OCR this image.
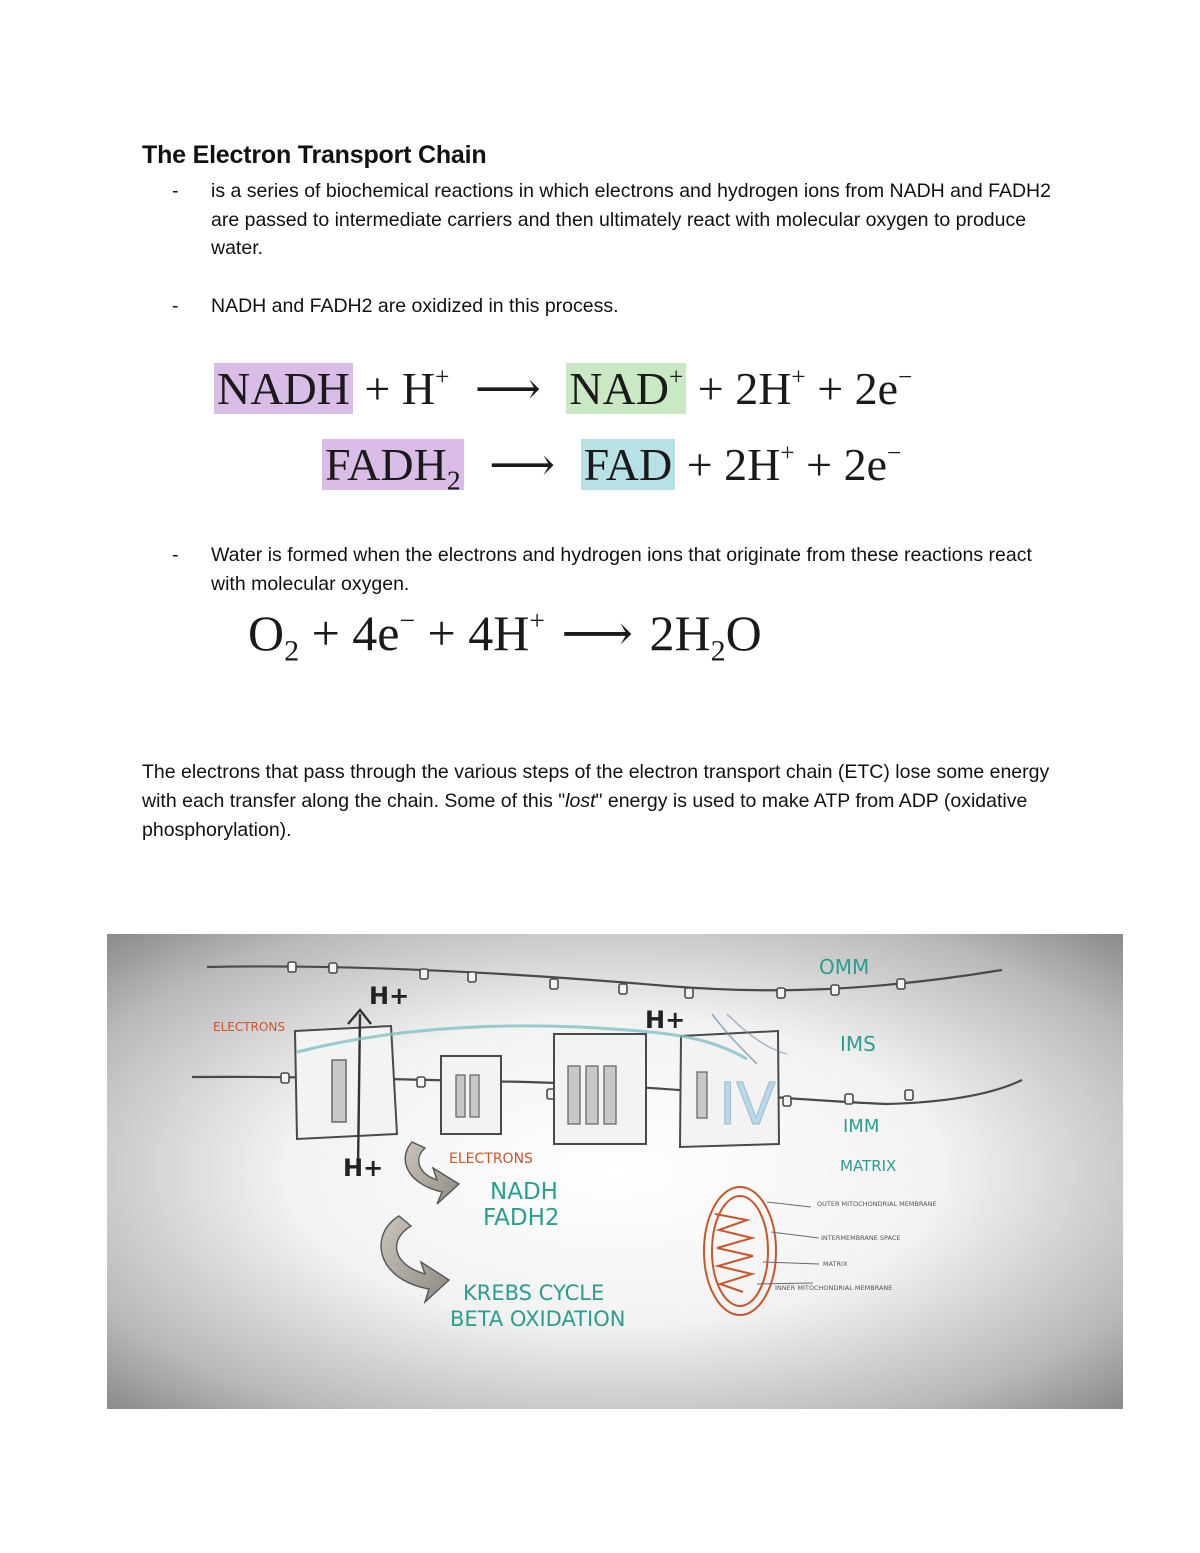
The Electron Transport Chain
- is a series of biochemical reactions in which electrons and hydrogen ions from NADH and FADH2 are passed to intermediate carriers and then ultimately react with molecular oxygen to produce water.
- NADH and FADH2 are oxidized in this process.
NADH + H+ ⟶ NAD+ + 2H+ + 2e−
$FADH_2$ ⟶ FAD + 2H+ + 2e−
- Water is formed when the electrons and hydrogen ions that originate from these reactions react with molecular oxygen.
$O_2 + 4e^- + 4H^+$ ⟶ $2H_2O$

The electrons that pass through the various steps of the electron transport chain (ETC) lose some energy with each transfer along the chain. Some of this "lost" energy is used to make ATP from ADP (oxidative phosphorylation).

IV
ELECTRONS
H+
H+
H+
ELECTRONS
NADH
FADH2
KREBS CYCLE
BETA OXIDATION
OMM
IMS
IMM
MATRIX
OUTER MITOCHONDRIAL MEMBRANE
INTERMEMBRANE SPACE
MATRIX
INNER MITOCHONDRIAL MEMBRANE
